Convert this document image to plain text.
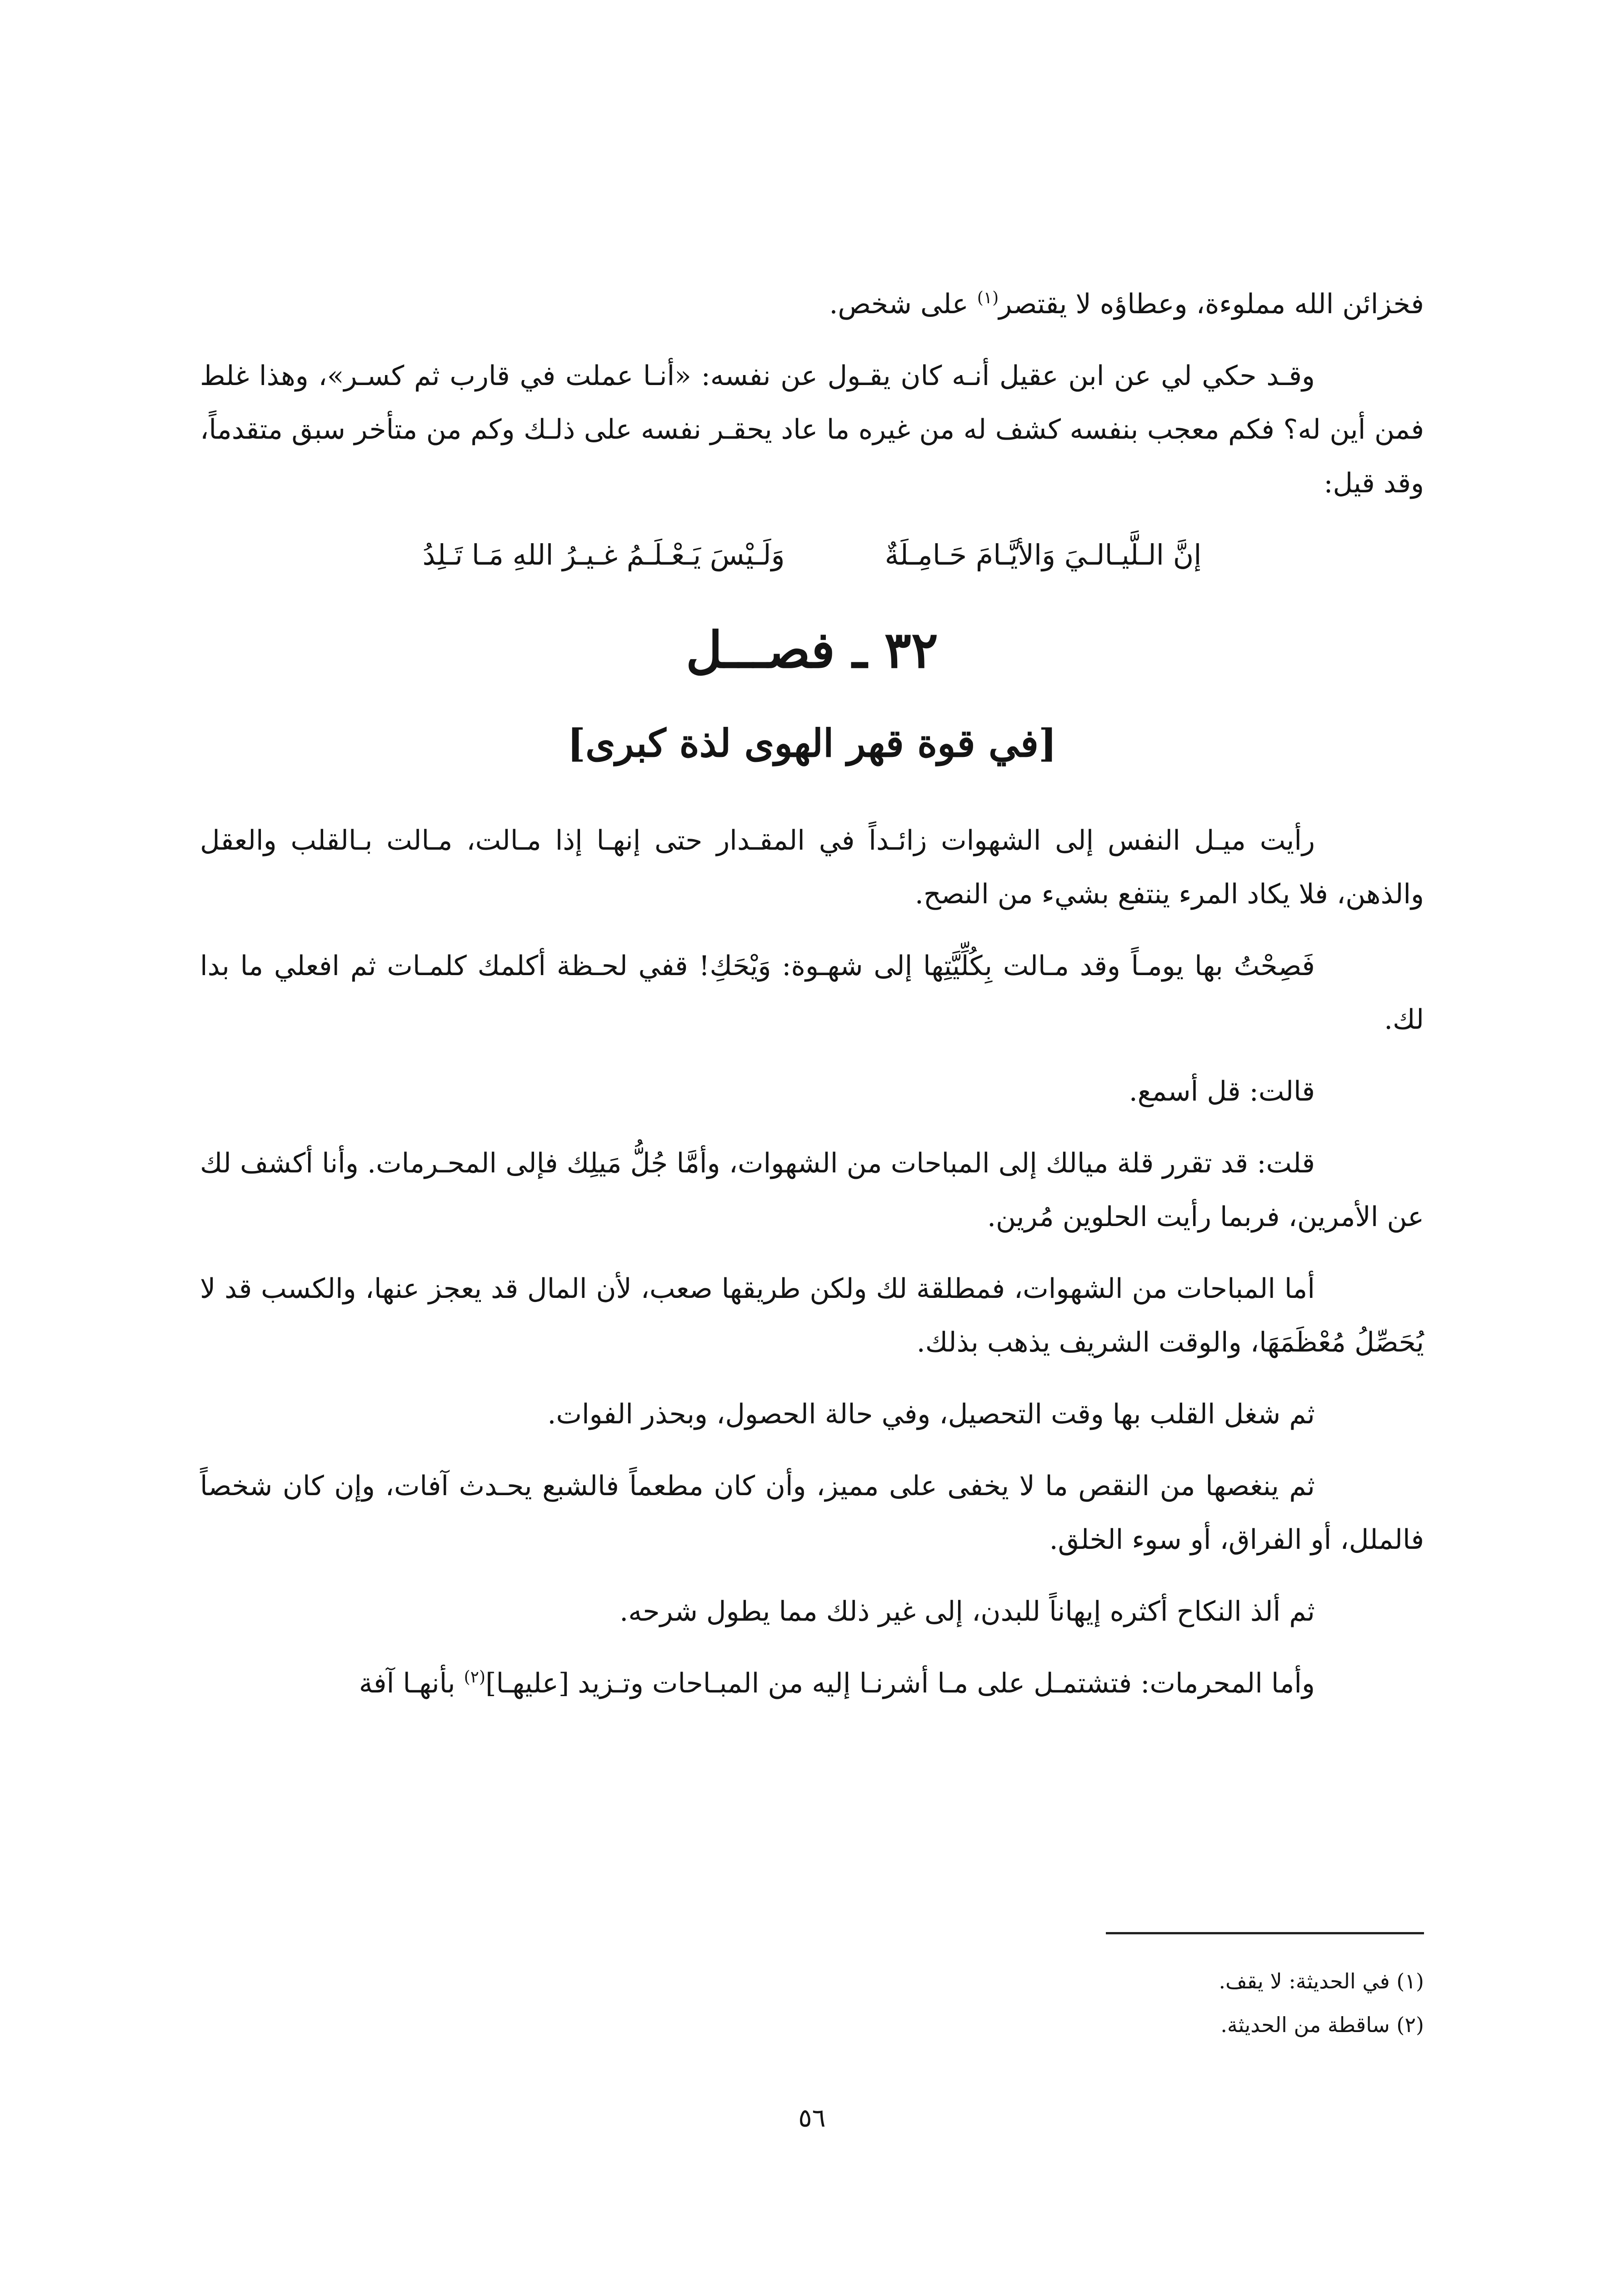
فخزائن الله مملوءة، وعطاؤه لا يقتصر$^{(١)}$ على شخص.

وقـد حكي لي عن ابن عقيل أنـه كان يقـول عن نفسه: «أنـا عملت في قارب ثم كسـر»، وهذا غلط فمن أين له؟ فكم معجب بنفسه كشف له من غيره ما عاد يحقـر نفسه على ذلـك وكم من متأخر سبق متقدماً، وقد قيل:

إنَّ الـلَّيـالـيَ وَالأيَّـامَ حَـامِـلَةٌ
وَلَـيْسَ يَـعْـلَـمُ غـيـرُ اللهِ مَـا تَـلِدُ
٣٢ ـ فصـــل
[في قوة قهر الهوى لذة كبرى]

رأيت ميـل النفس إلى الشهوات زائـداً في المقـدار حتى إنهـا إذا مـالت، مـالت بـالقلب والعقل والذهن، فلا يكاد المرء ينتفع بشيء من النصح.

فَصِحْتُ بها يومـاً وقد مـالت بِكُلِّيَّتِها إلى شهـوة: وَيْحَكِ! قفي لحـظة أكلمك كلمـات ثم افعلي ما بدا لك.

قالت: قل أسمع.

قلت: قد تقرر قلة ميالك إلى المباحات من الشهوات، وأمَّا جُلُّ مَيلِك فإلى المحـرمات. وأنا أكشف لك عن الأمرين، فربما رأيت الحلوين مُرين.

أما المباحات من الشهوات، فمطلقة لك ولكن طريقها صعب، لأن المال قد يعجز عنها، والكسب قد لا يُحَصِّلُ مُعْظَمَهَا، والوقت الشريف يذهب بذلك.

ثم شغل القلب بها وقت التحصيل، وفي حالة الحصول، وبحذر الفوات.

ثم ينغصها من النقص ما لا يخفى على مميز، وأن كان مطعماً فالشبع يحـدث آفات، وإن كان شخصاً فالملل، أو الفراق، أو سوء الخلق.

ثم ألذ النكاح أكثره إيهاناً للبدن، إلى غير ذلك مما يطول شرحه.

وأما المحرمات: فتشتمـل على مـا أشرنـا إليه من المبـاحات وتـزيد [عليهـا]$^{(٢)}$ بأنهـا آفة

(١) في الحديثة: لا يقف.

(٢) ساقطة من الحديثة.

٥٦
